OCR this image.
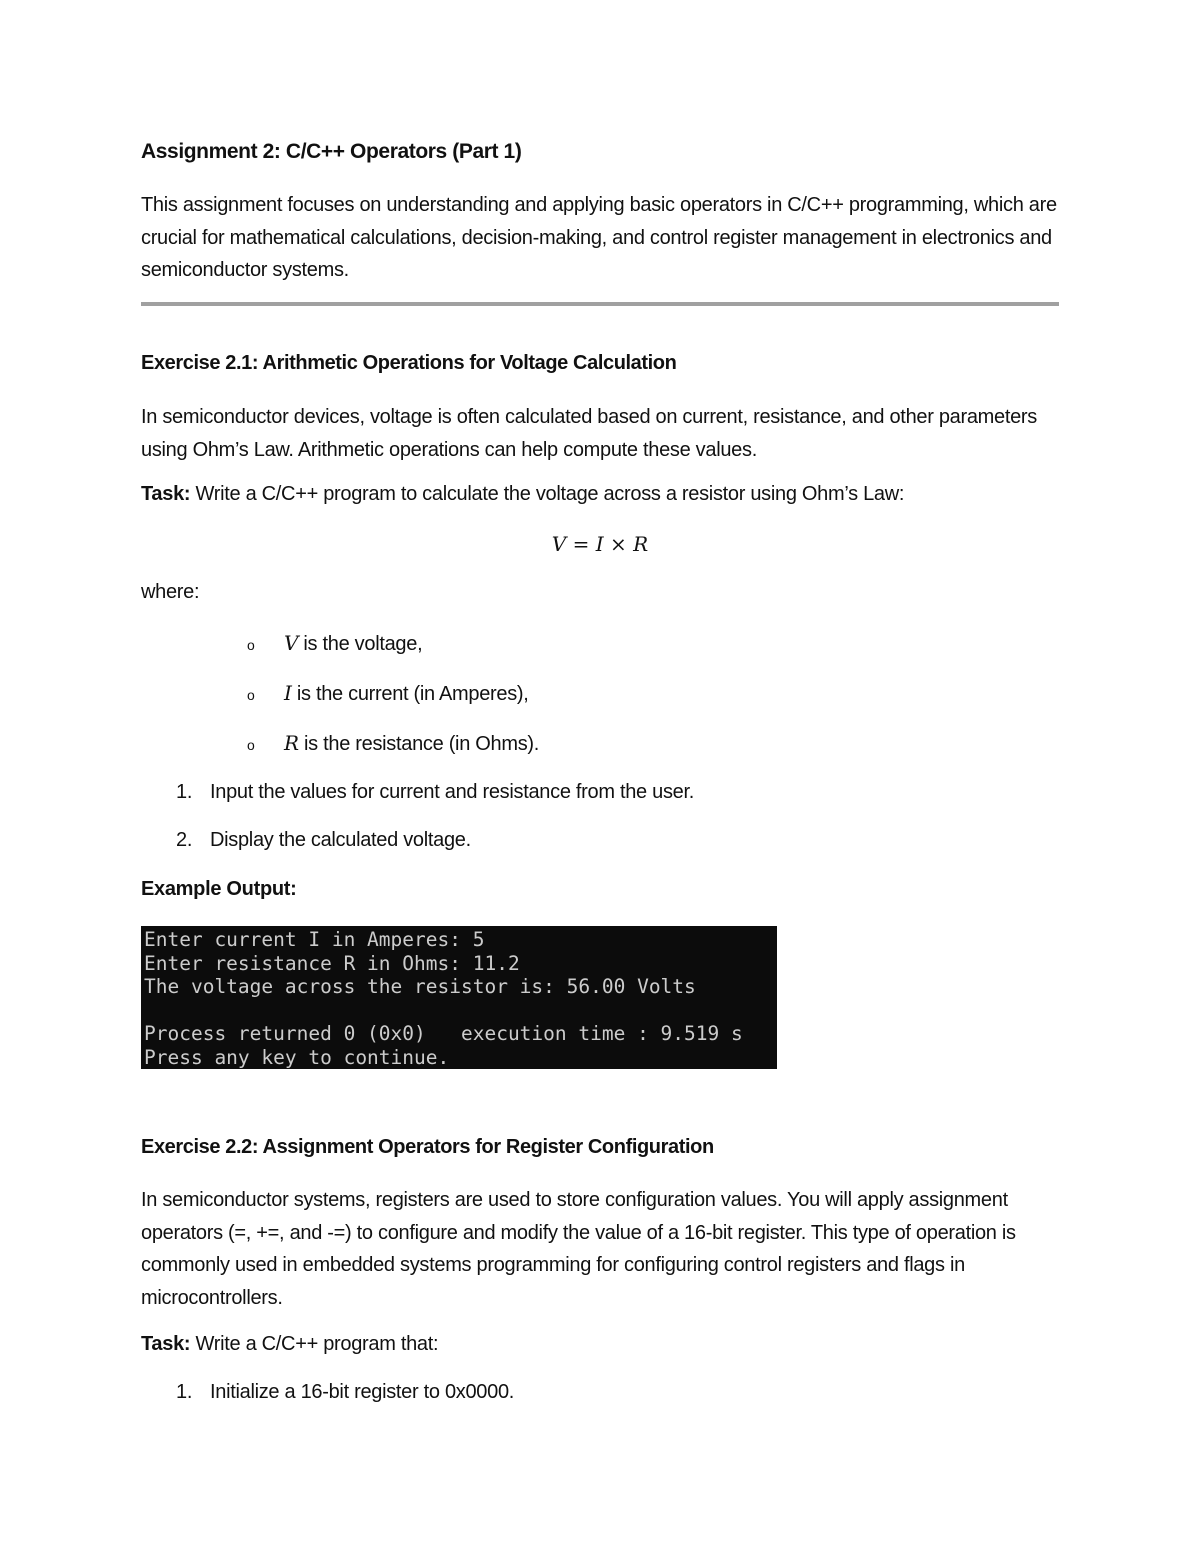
Assignment 2: C/C++ Operators (Part 1)
This assignment focuses on understanding and applying basic operators in C/C++ programming, which are crucial for mathematical calculations, decision-making, and control register management in electronics and semiconductor systems.
Exercise 2.1: Arithmetic Operations for Voltage Calculation
In semiconductor devices, voltage is often calculated based on current, resistance, and other parameters using Ohm’s Law. Arithmetic operations can help compute these values.
Task: Write a C/C++ program to calculate the voltage across a resistor using Ohm’s Law:
V = I × R
where:
o V is the voltage,
o I is the current (in Amperes),
o R is the resistance (in Ohms).
1. Input the values for current and resistance from the user.
2. Display the calculated voltage.
Example Output:
Enter current I in Amperes: 5
Enter resistance R in Ohms: 11.2
The voltage across the resistor is: 56.00 Volts
Process returned 0 (0x0)   execution time : 9.519 s
Press any key to continue.
Exercise 2.2: Assignment Operators for Register Configuration
In semiconductor systems, registers are used to store configuration values. You will apply assignment operators (=, +=, and -=) to configure and modify the value of a 16-bit register. This type of operation is commonly used in embedded systems programming for configuring control registers and flags in microcontrollers.
Task: Write a C/C++ program that:
1. Initialize a 16-bit register to 0x0000.
